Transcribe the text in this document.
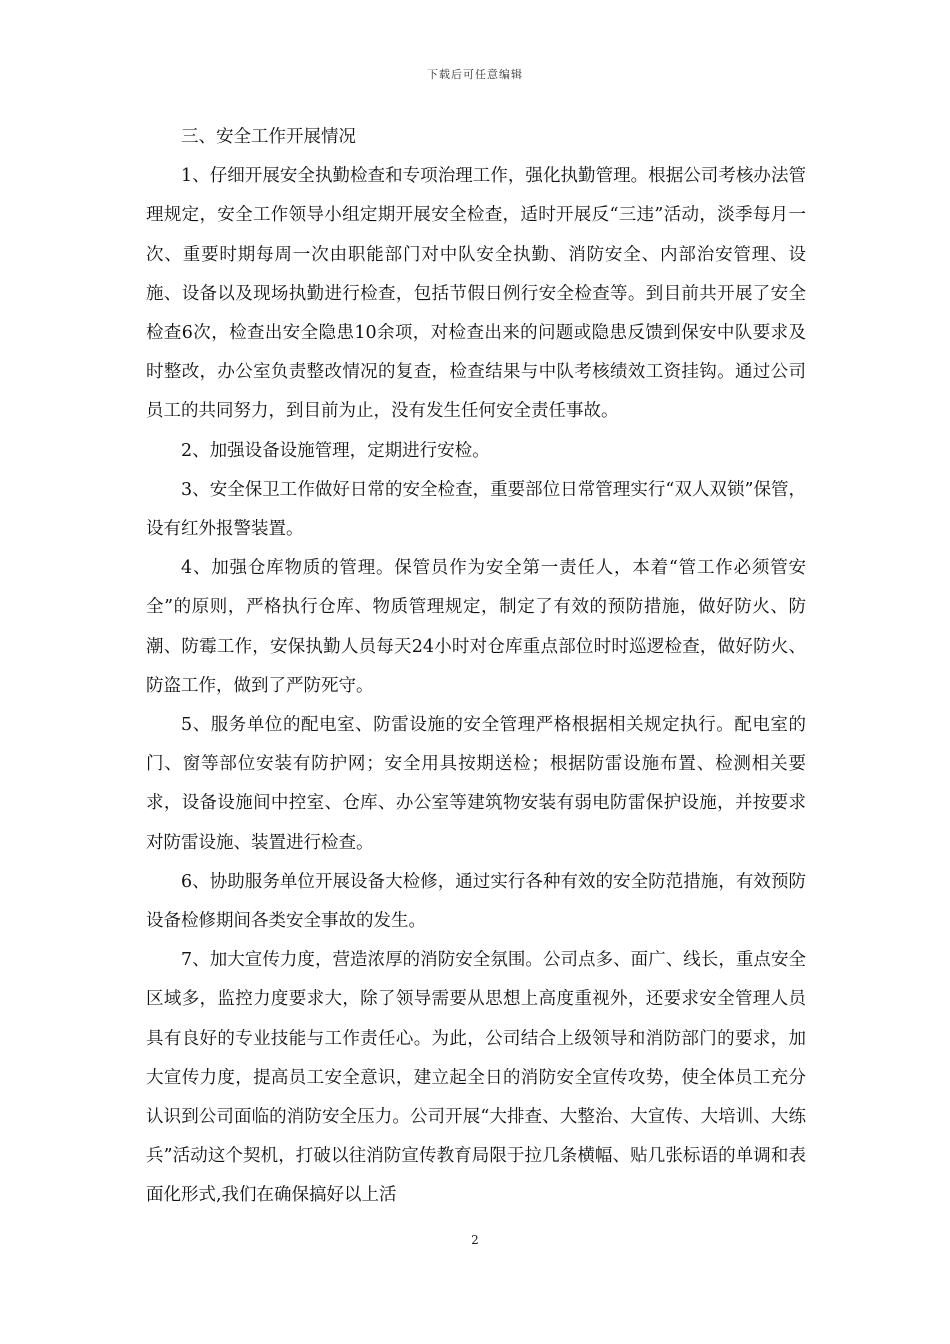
下载后可任意编辑

三、安全工作开展情况

1、仔细开展安全执勤检查和专项治理工作，强化执勤管理。根据公司考核办法管理规定，安全工作领导小组定期开展安全检查，适时开展反“三违”活动，淡季每月一次、重要时期每周一次由职能部门对中队安全执勤、消防安全、内部治安管理、设施、设备以及现场执勤进行检查，包括节假日例行安全检查等。到目前共开展了安全检查6次，检查出安全隐患10余项，对检查出来的问题或隐患反馈到保安中队要求及时整改，办公室负责整改情况的复查，检查结果与中队考核绩效工资挂钩。通过公司员工的共同努力，到目前为止，没有发生任何安全责任事故。

2、加强设备设施管理，定期进行安检。

3、安全保卫工作做好日常的安全检查，重要部位日常管理实行“双人双锁”保管，设有红外报警装置。

4、加强仓库物质的管理。保管员作为安全第一责任人，本着“管工作必须管安全”的原则，严格执行仓库、物质管理规定，制定了有效的预防措施，做好防火、防潮、防霉工作，安保执勤人员每天24小时对仓库重点部位时时巡逻检查，做好防火、防盗工作，做到了严防死守。

5、服务单位的配电室、防雷设施的安全管理严格根据相关规定执行。配电室的门、窗等部位安装有防护网；安全用具按期送检；根据防雷设施布置、检测相关要求，设备设施间中控室、仓库、办公室等建筑物安装有弱电防雷保护设施，并按要求对防雷设施、装置进行检查。

6、协助服务单位开展设备大检修，通过实行各种有效的安全防范措施，有效预防设备检修期间各类安全事故的发生。

7、加大宣传力度，营造浓厚的消防安全氛围。公司点多、面广、线长，重点安全区域多，监控力度要求大，除了领导需要从思想上高度重视外，还要求安全管理人员具有良好的专业技能与工作责任心。为此，公司结合上级领导和消防部门的要求，加大宣传力度，提高员工安全意识，建立起全日的消防安全宣传攻势，使全体员工充分认识到公司面临的消防安全压力。公司开展“大排查、大整治、大宣传、大培训、大练兵”活动这个契机，打破以往消防宣传教育局限于拉几条横幅、贴几张标语的单调和表面化形式,我们在确保搞好以上活

2
